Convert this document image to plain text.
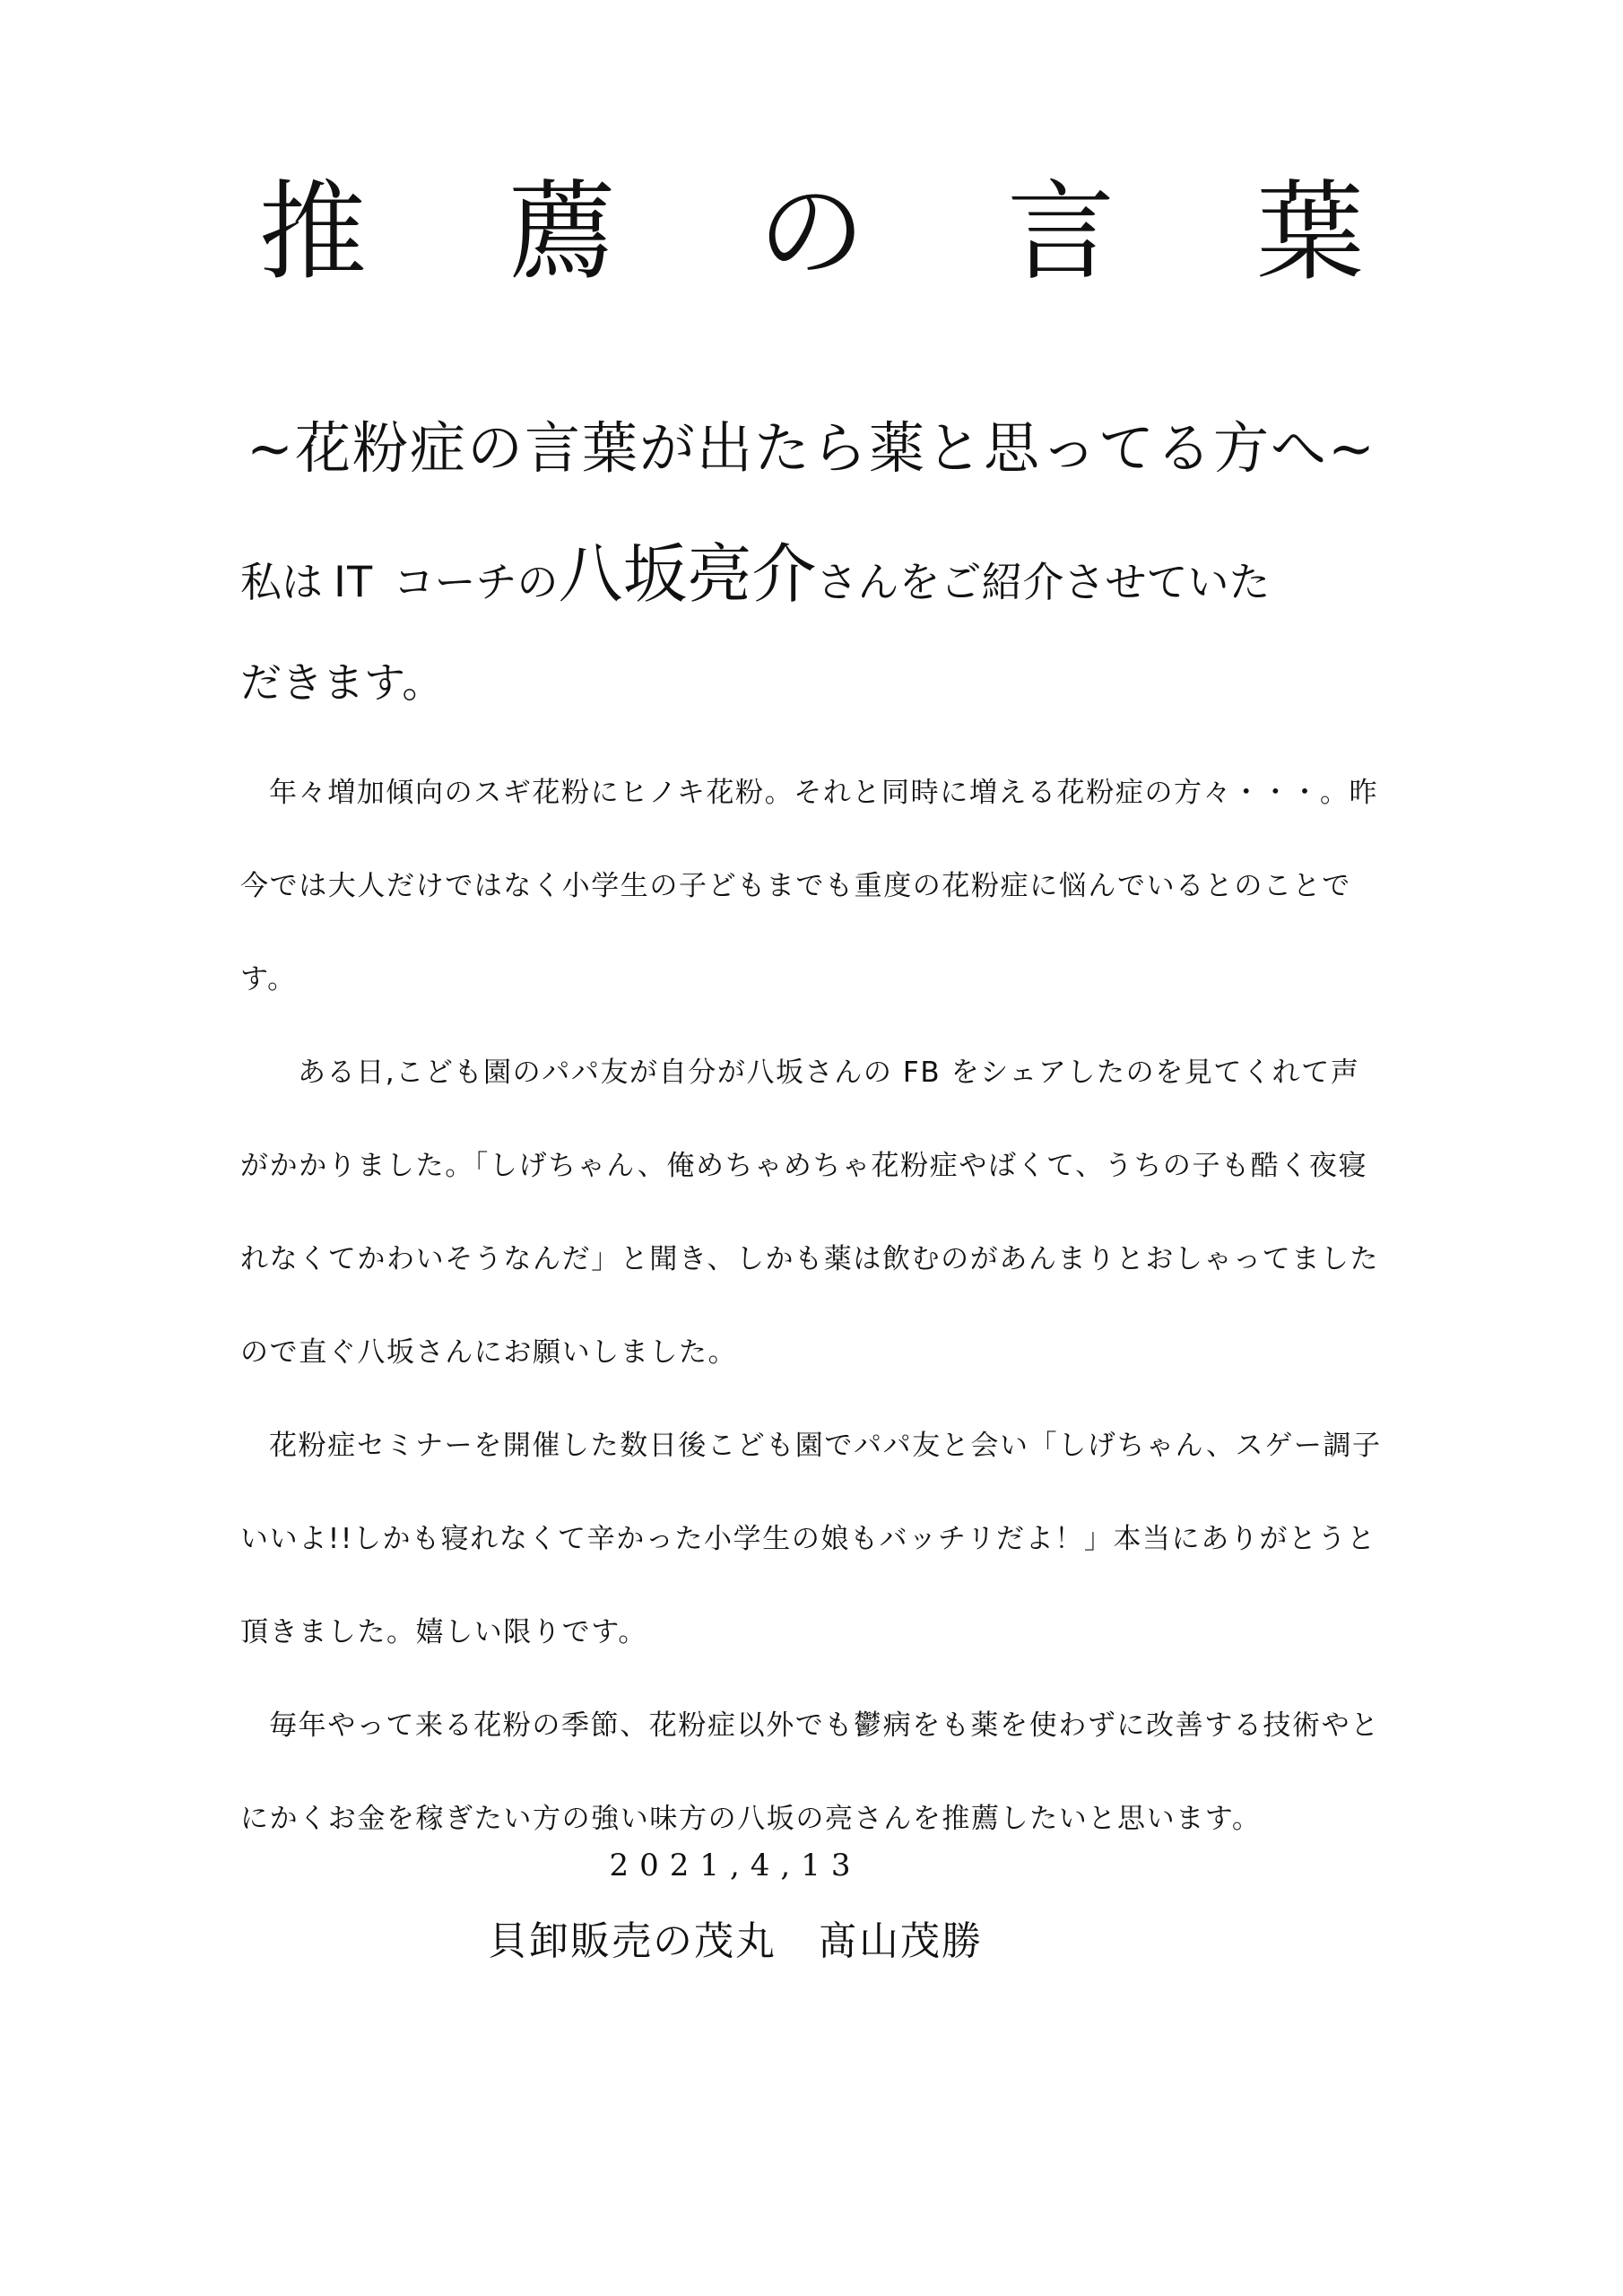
推 薦 の 言 葉
~花粉症の言葉が出たら薬と思ってる方へ~
私は IT コーチの八坂亮介さんをご紹介させていた
だきます。

年々増加傾向のスギ花粉にヒノキ花粉。それと同時に増える花粉症の方々・・・。昨今では大人だけではなく小学生の子どもまでも重度の花粉症に悩んでいるとのことです。

ある日,こども園のパパ友が自分が八坂さんの FB をシェアしたのを見てくれて声がかかりました。「しげちゃん、俺めちゃめちゃ花粉症やばくて、うちの子も酷く夜寝れなくてかわいそうなんだ」と聞き、しかも薬は飲むのがあんまりとおしゃってましたので直ぐ八坂さんにお願いしました。

花粉症セミナーを開催した数日後こども園でパパ友と会い「しげちゃん、スゲー調子いいよ!!しかも寝れなくて辛かった小学生の娘もバッチリだよ！」本当にありがとうと頂きました。嬉しい限りです。

毎年やって来る花粉の季節、花粉症以外でも鬱病をも薬を使わずに改善する技術やとにかくお金を稼ぎたい方の強い味方の八坂の亮さんを推薦したいと思います。

2021,4,13
貝卸販売の茂丸　髙山茂勝
